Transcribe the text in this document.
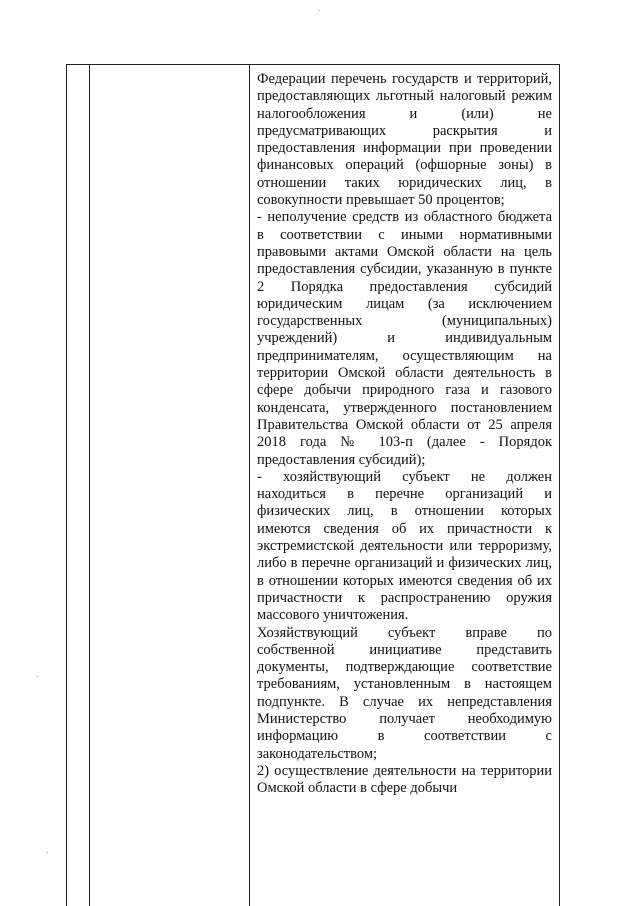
Федерации перечень государств и территорий, предоставляющих льготный налоговый режим налогообложения и (или) не предусматривающих раскрытия и предоставления информации при проведении финансовых операций (офшорные зоны) в отношении таких юридических лиц, в совокупности превышает 50 процентов;

- неполучение средств из областного бюджета в соответствии с иными нормативными правовыми актами Омской области на цель предоставления субсидии, указанную в пункте 2 Порядка предоставления субсидий юридическим лицам (за исключением государственных (муниципальных) учреждений) и индивидуальным предпринимателям, осуществляющим на территории Омской области деятельность в сфере добычи природного газа и газового конденсата, утвержденного постановлением Правительства Омской области от 25 апреля 2018 года № 103-п (далее - Порядок предоставления субсидий);

- хозяйствующий субъект не должен находиться в перечне организаций и физических лиц, в отношении которых имеются сведения об их причастности к экстремистской деятельности или терроризму, либо в перечне организаций и физических лиц, в отношении которых имеются сведения об их причастности к распространению оружия массового уничтожения.

Хозяйствующий субъект вправе по собственной инициативе представить документы, подтверждающие соответствие требованиям, установленным в настоящем подпункте. В случае их непредставления Министерство получает необходимую информацию в соответствии с законодательством;

2) осуществление деятельности на территории Омской области в сфере добычи
